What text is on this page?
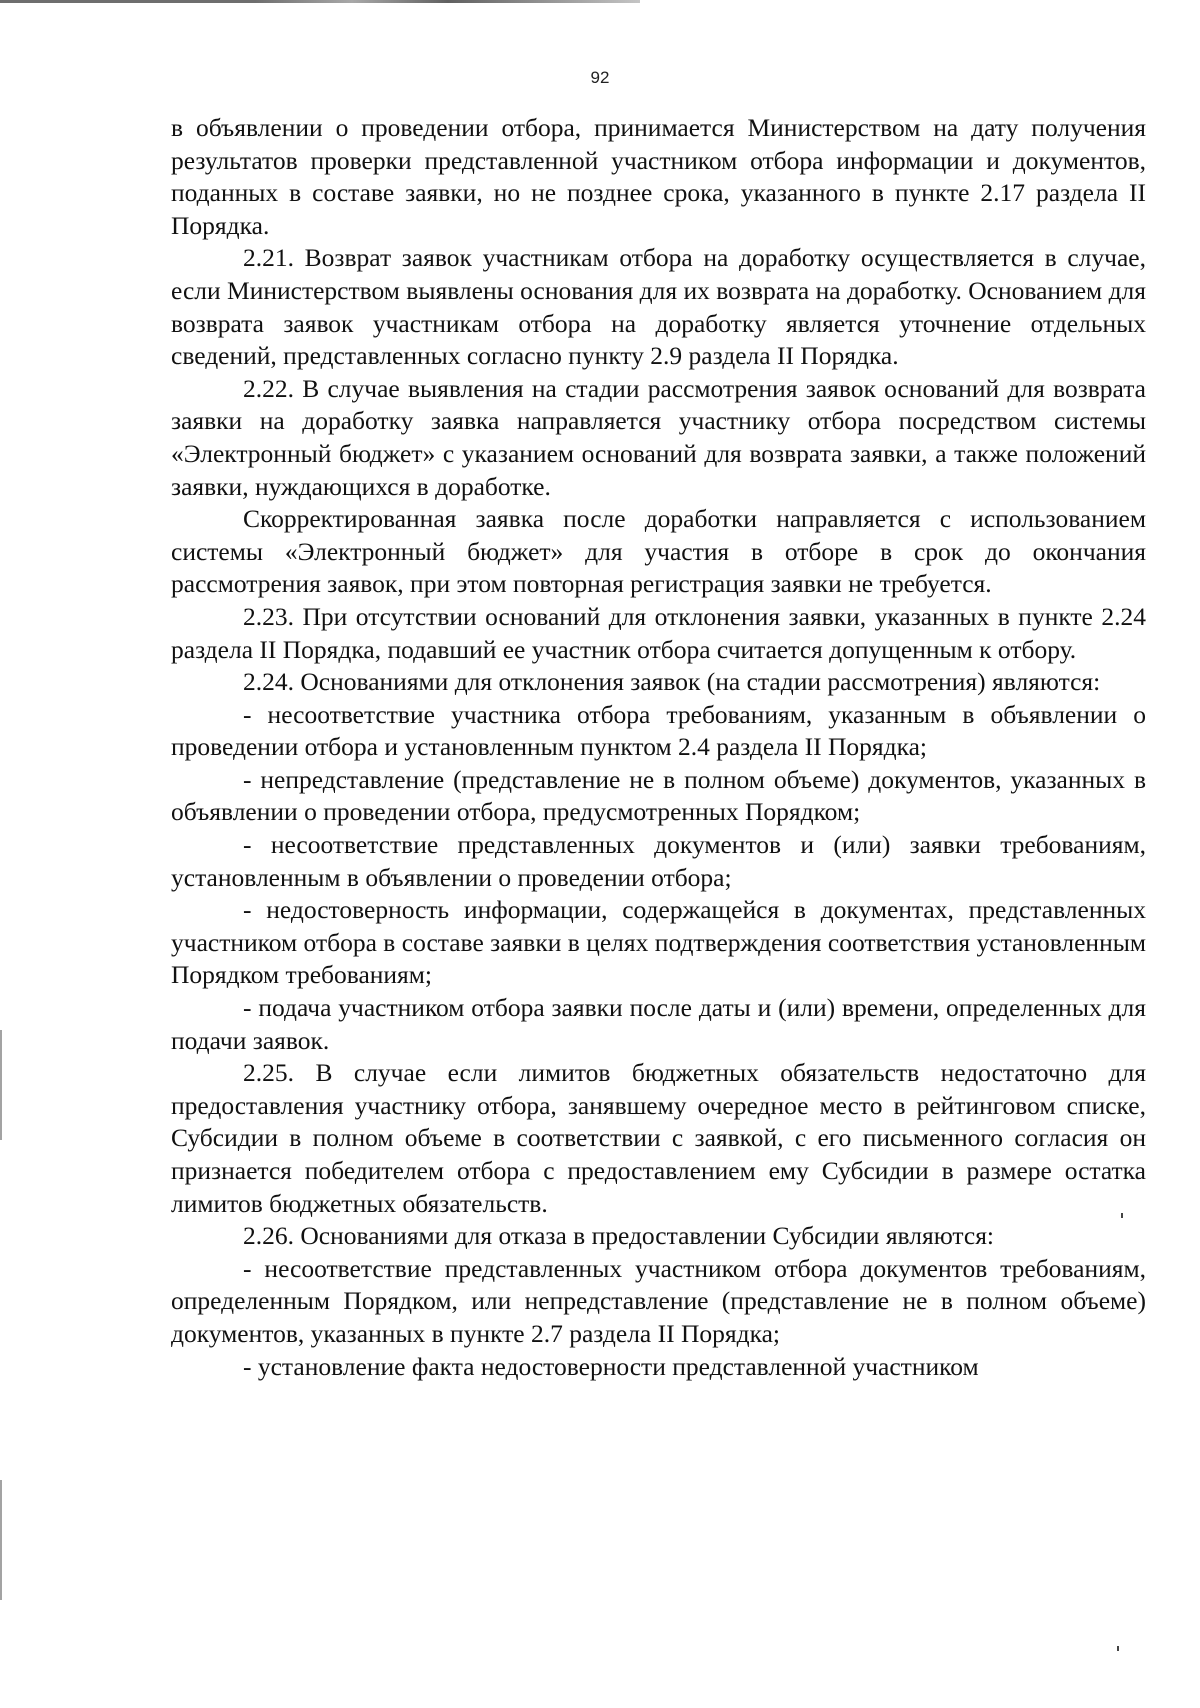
92

в объявлении о проведении отбора, принимается Министерством на дату получения результатов проверки представленной участником отбора информации и документов, поданных в составе заявки, но не позднее срока, указанного в пункте 2.17 раздела II Порядка.

2.21. Возврат заявок участникам отбора на доработку осуществляется в случае, если Министерством выявлены основания для их возврата на доработку. Основанием для возврата заявок участникам отбора на доработку является уточнение отдельных сведений, представленных согласно пункту 2.9 раздела II Порядка.

2.22. В случае выявления на стадии рассмотрения заявок оснований для возврата заявки на доработку заявка направляется участнику отбора посредством системы «Электронный бюджет» с указанием оснований для возврата заявки, а также положений заявки, нуждающихся в доработке.

Скорректированная заявка после доработки направляется с использованием системы «Электронный бюджет» для участия в отборе в срок до окончания рассмотрения заявок, при этом повторная регистрация заявки не требуется.

2.23. При отсутствии оснований для отклонения заявки, указанных в пункте 2.24 раздела II Порядка, подавший ее участник отбора считается допущенным к отбору.

2.24. Основаниями для отклонения заявок (на стадии рассмотрения) являются:

- несоответствие участника отбора требованиям, указанным в объявлении о проведении отбора и установленным пунктом 2.4 раздела II Порядка;

- непредставление (представление не в полном объеме) документов, указанных в объявлении о проведении отбора, предусмотренных Порядком;

- несоответствие представленных документов и (или) заявки требованиям, установленным в объявлении о проведении отбора;

- недостоверность информации, содержащейся в документах, представленных участником отбора в составе заявки в целях подтверждения соответствия установленным Порядком требованиям;

- подача участником отбора заявки после даты и (или) времени, определенных для подачи заявок.

2.25. В случае если лимитов бюджетных обязательств недостаточно для предоставления участнику отбора, занявшему очередное место в рейтинговом списке, Субсидии в полном объеме в соответствии с заявкой, с его письменного согласия он признается победителем отбора с предоставлением ему Субсидии в размере остатка лимитов бюджетных обязательств.

2.26. Основаниями для отказа в предоставлении Субсидии являются:

- несоответствие представленных участником отбора документов требованиям, определенным Порядком, или непредставление (представление не в полном объеме) документов, указанных в пункте 2.7 раздела II Порядка;

- установление факта недостоверности представленной участником
